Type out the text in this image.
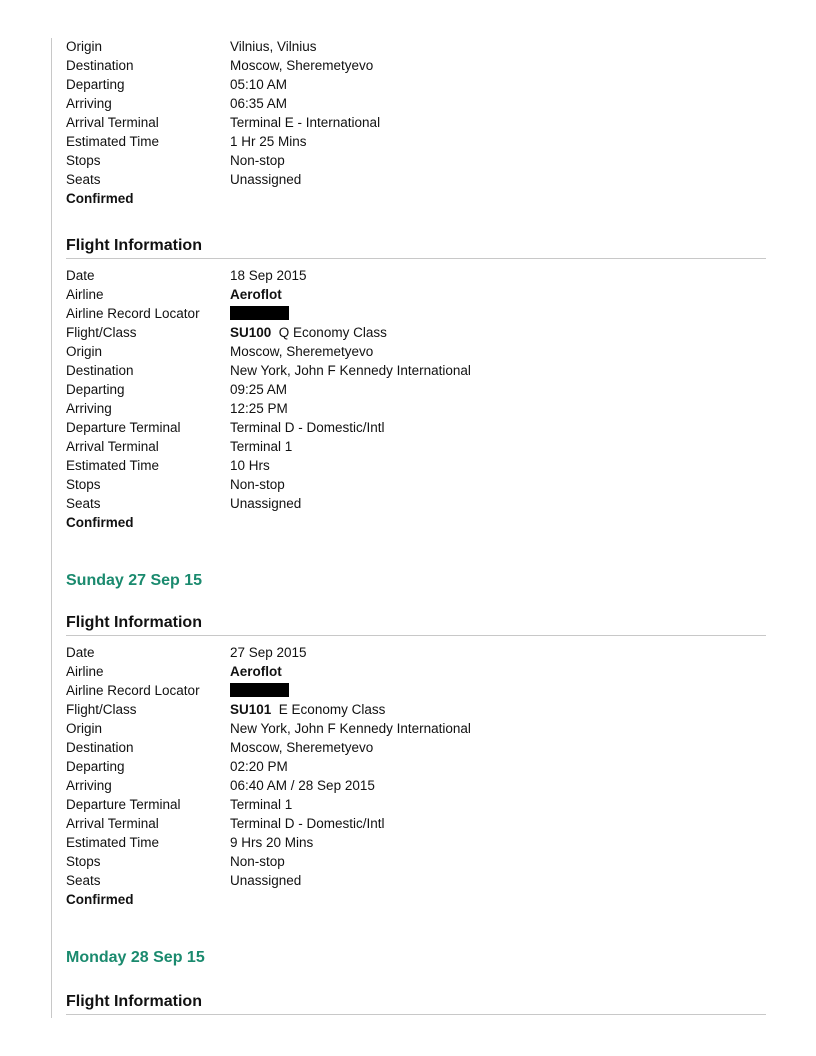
Origin	Vilnius, Vilnius
Destination	Moscow, Sheremetyevo
Departing	05:10 AM
Arriving	06:35 AM
Arrival Terminal	Terminal E - International
Estimated Time	1 Hr 25 Mins
Stops	Non-stop
Seats	Unassigned
Confirmed
Flight Information
Date	18 Sep 2015
Airline	Aeroflot
Airline Record Locator
Flight/Class	SU100 Q Economy Class
Origin	Moscow, Sheremetyevo
Destination	New York, John F Kennedy International
Departing	09:25 AM
Arriving	12:25 PM
Departure Terminal	Terminal D - Domestic/Intl
Arrival Terminal	Terminal 1
Estimated Time	10 Hrs
Stops	Non-stop
Seats	Unassigned
Confirmed
Sunday 27 Sep 15
Flight Information
Date	27 Sep 2015
Airline	Aeroflot
Airline Record Locator
Flight/Class	SU101 E Economy Class
Origin	New York, John F Kennedy International
Destination	Moscow, Sheremetyevo
Departing	02:20 PM
Arriving	06:40 AM / 28 Sep 2015
Departure Terminal	Terminal 1
Arrival Terminal	Terminal D - Domestic/Intl
Estimated Time	9 Hrs 20 Mins
Stops	Non-stop
Seats	Unassigned
Confirmed
Monday 28 Sep 15
Flight Information
